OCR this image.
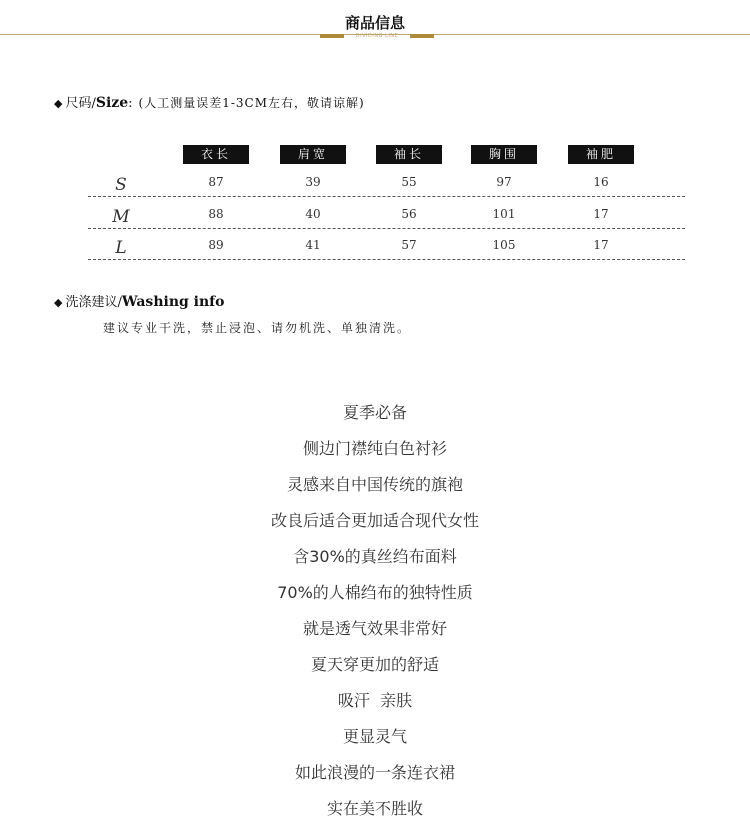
商品信息
DIVIDING LINE
◆ 尺码/Size: (人工测量误差1-3CM左右，敬请谅解)
衣长	肩宽	袖长	胸围	袖肥
S	87	39	55	97	16
M	88	40	56	101	17
L	89	41	57	105	17
◆ 洗涤建议/Washing info
建议专业干洗，禁止浸泡、请勿机洗、单独清洗。
夏季必备
侧边门襟纯白色衬衫
灵感来自中国传统的旗袍
改良后适合更加适合现代女性
含30%的真丝绉布面料
70%的人棉绉布的独特性质
就是透气效果非常好
夏天穿更加的舒适
吸汗  亲肤
更显灵气
如此浪漫的一条连衣裙
实在美不胜收
